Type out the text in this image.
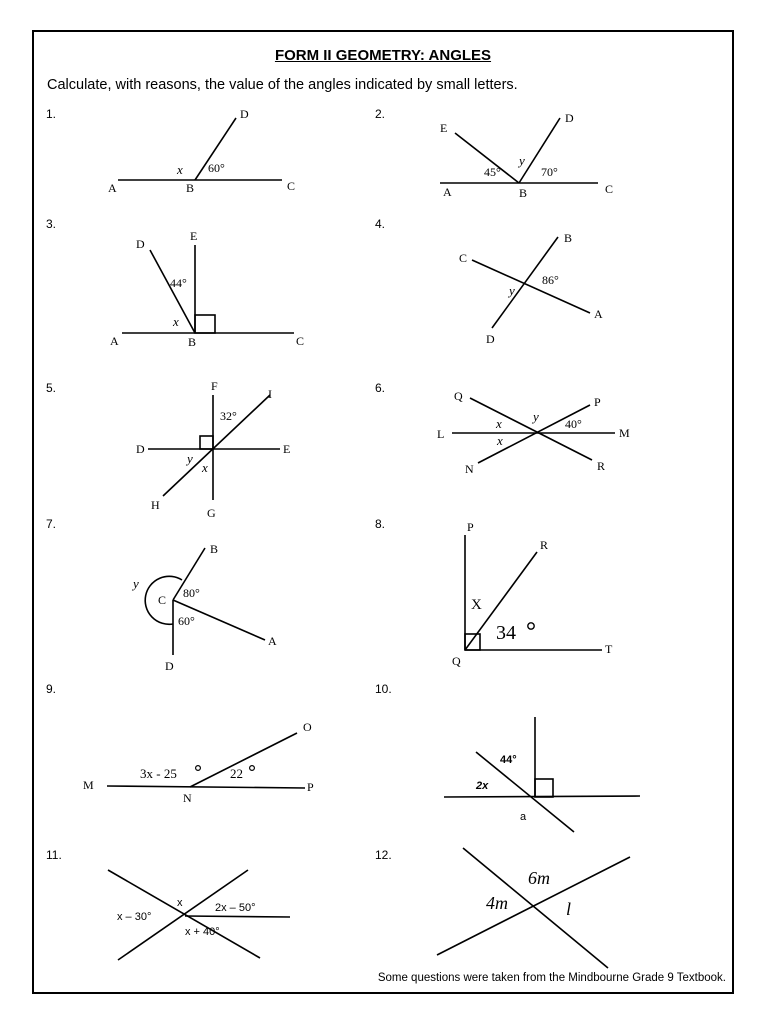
FORM II GEOMETRY: ANGLES
Calculate, with reasons, the value of the angles indicated by small letters.
Some questions were taken from the Mindbourne Grade 9 Textbook.
1.	D
A	B	C
x 60°
2.
E
D
A	B	C
y
45°	70°
3.
D
E
A	B	C
x
44°
4.
C
B
A
D
y
86°
5.	F
I
D	E
H
G
y
x
32°
6.
Q	P
L	M
N	R
x
x
y 40°
7.
B
C
A
D
y
80°
60°
8.	P
R
Q
T
X
34
9.
O
M
N
P
3x - 25	22
10.
44°
2x
a
11.
x
x – 30°
2x – 50°
x + 40°
12.
6m
4m	l
